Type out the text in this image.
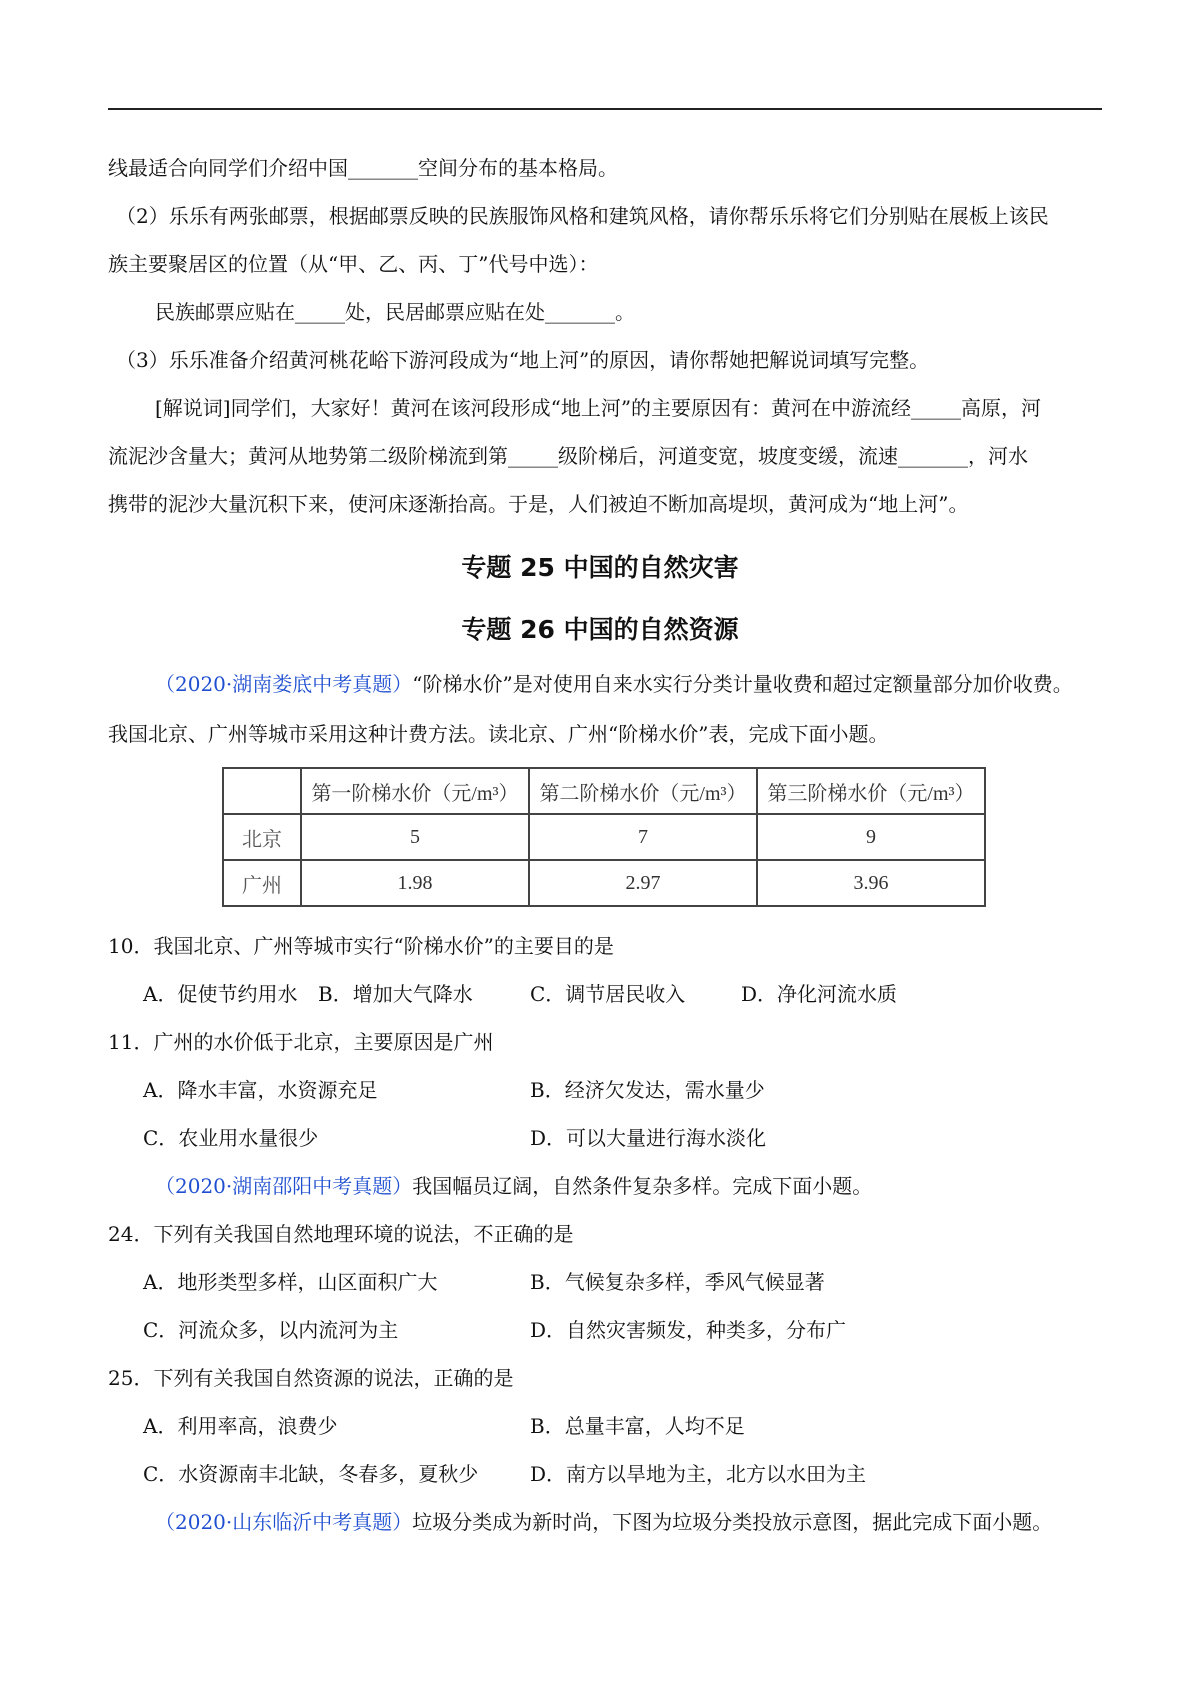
线最适合向同学们介绍中国_______空间分布的基本格局。
（2）乐乐有两张邮票，根据邮票反映的民族服饰风格和建筑风格，请你帮乐乐将它们分别贴在展板上该民
族主要聚居区的位置（从“甲、乙、丙、丁”代号中选）：
民族邮票应贴在_____处，民居邮票应贴在处_______。
（3）乐乐准备介绍黄河桃花峪下游河段成为“地上河”的原因，请你帮她把解说词填写完整。
[解说词]同学们，大家好！黄河在该河段形成“地上河”的主要原因有：黄河在中游流经_____高原，河
流泥沙含量大；黄河从地势第二级阶梯流到第_____级阶梯后，河道变宽，坡度变缓，流速_______，河水
携带的泥沙大量沉积下来，使河床逐渐抬高。于是，人们被迫不断加高堤坝，黄河成为“地上河”。
专题 25 中国的自然灾害
专题 26 中国的自然资源
（2020·湖南娄底中考真题）“阶梯水价”是对使用自来水实行分类计量收费和超过定额量部分加价收费。
我国北京、广州等城市采用这种计费方法。读北京、广州“阶梯水价”表，完成下面小题。
	第一阶梯水价（元/m³）	第二阶梯水价（元/m³）	第三阶梯水价（元/m³）
北京	5	7	9
广州	1.98	2.97	3.96
10．我国北京、广州等城市实行“阶梯水价”的主要目的是
A．促使节约用水 B．增加大气降水	C．调节居民收入	D．净化河流水质
11．广州的水价低于北京，主要原因是广州
A．降水丰富，水资源充足	B．经济欠发达，需水量少
C．农业用水量很少	D．可以大量进行海水淡化
（2020·湖南邵阳中考真题）我国幅员辽阔，自然条件复杂多样。完成下面小题。
24．下列有关我国自然地理环境的说法，不正确的是
A．地形类型多样，山区面积广大	B．气候复杂多样，季风气候显著
C．河流众多，以内流河为主	D．自然灾害频发，种类多，分布广
25．下列有关我国自然资源的说法，正确的是
A．利用率高，浪费少	B．总量丰富，人均不足
C．水资源南丰北缺，冬春多，夏秋少	D．南方以旱地为主，北方以水田为主
（2020·山东临沂中考真题）垃圾分类成为新时尚，下图为垃圾分类投放示意图，据此完成下面小题。
